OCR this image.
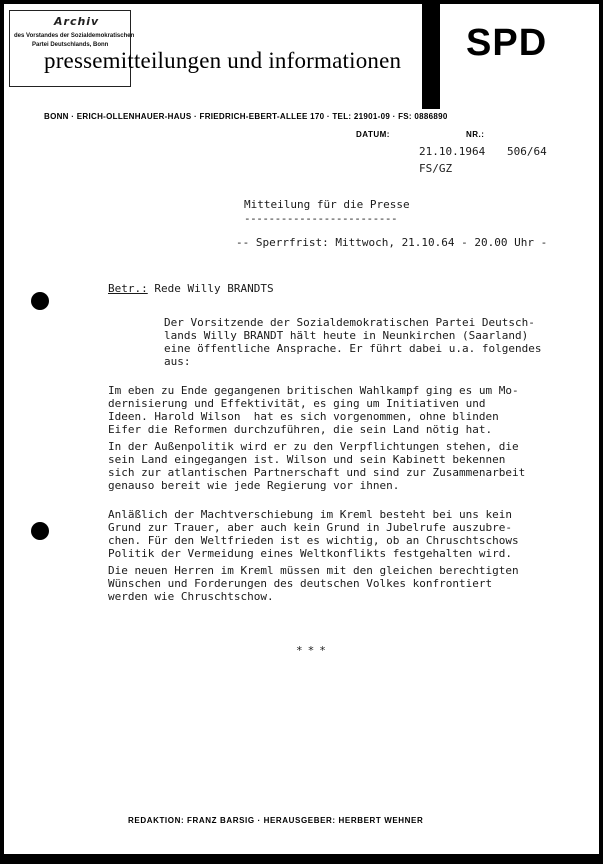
Archiv
des Vorstandes der Sozialdemokratischen
Partei Deutschlands, Bonn
pressemitteilungen und informationen SPD
BONN · ERICH-OLLENHAUER-HAUS · FRIEDRICH-EBERT-ALLEE 170 · TEL: 21901-09 · FS: 0886890
DATUM:	NR.:
21.10.1964 506/64
FS/GZ
Mitteilung für die Presse
-------------------------
-- Sperrfrist: Mittwoch, 21.10.64 - 20.00 Uhr -
Betr.: Rede Willy BRANDTS
Der Vorsitzende der Sozialdemokratischen Partei Deutsch-
lands Willy BRANDT hält heute in Neunkirchen (Saarland)
eine öffentliche Ansprache. Er führt dabei u.a. folgendes
aus:
Im eben zu Ende gegangenen britischen Wahlkampf ging es um Mo-
dernisierung und Effektivität, es ging um Initiativen und
Ideen. Harold Wilson  hat es sich vorgenommen, ohne blinden
Eifer die Reformen durchzuführen, die sein Land nötig hat.
In der Außenpolitik wird er zu den Verpflichtungen stehen, die
sein Land eingegangen ist. Wilson und sein Kabinett bekennen
sich zur atlantischen Partnerschaft und sind zur Zusammenarbeit
genauso bereit wie jede Regierung vor ihnen.
Anläßlich der Machtverschiebung im Kreml besteht bei uns kein
Grund zur Trauer, aber auch kein Grund in Jubelrufe auszubre-
chen. Für den Weltfrieden ist es wichtig, ob an Chruschtschows
Politik der Vermeidung eines Weltkonflikts festgehalten wird.
Die neuen Herren im Kreml müssen mit den gleichen berechtigten
Wünschen und Forderungen des deutschen Volkes konfrontiert
werden wie Chruschtschow.
***
REDAKTION: FRANZ BARSIG · HERAUSGEBER: HERBERT WEHNER
